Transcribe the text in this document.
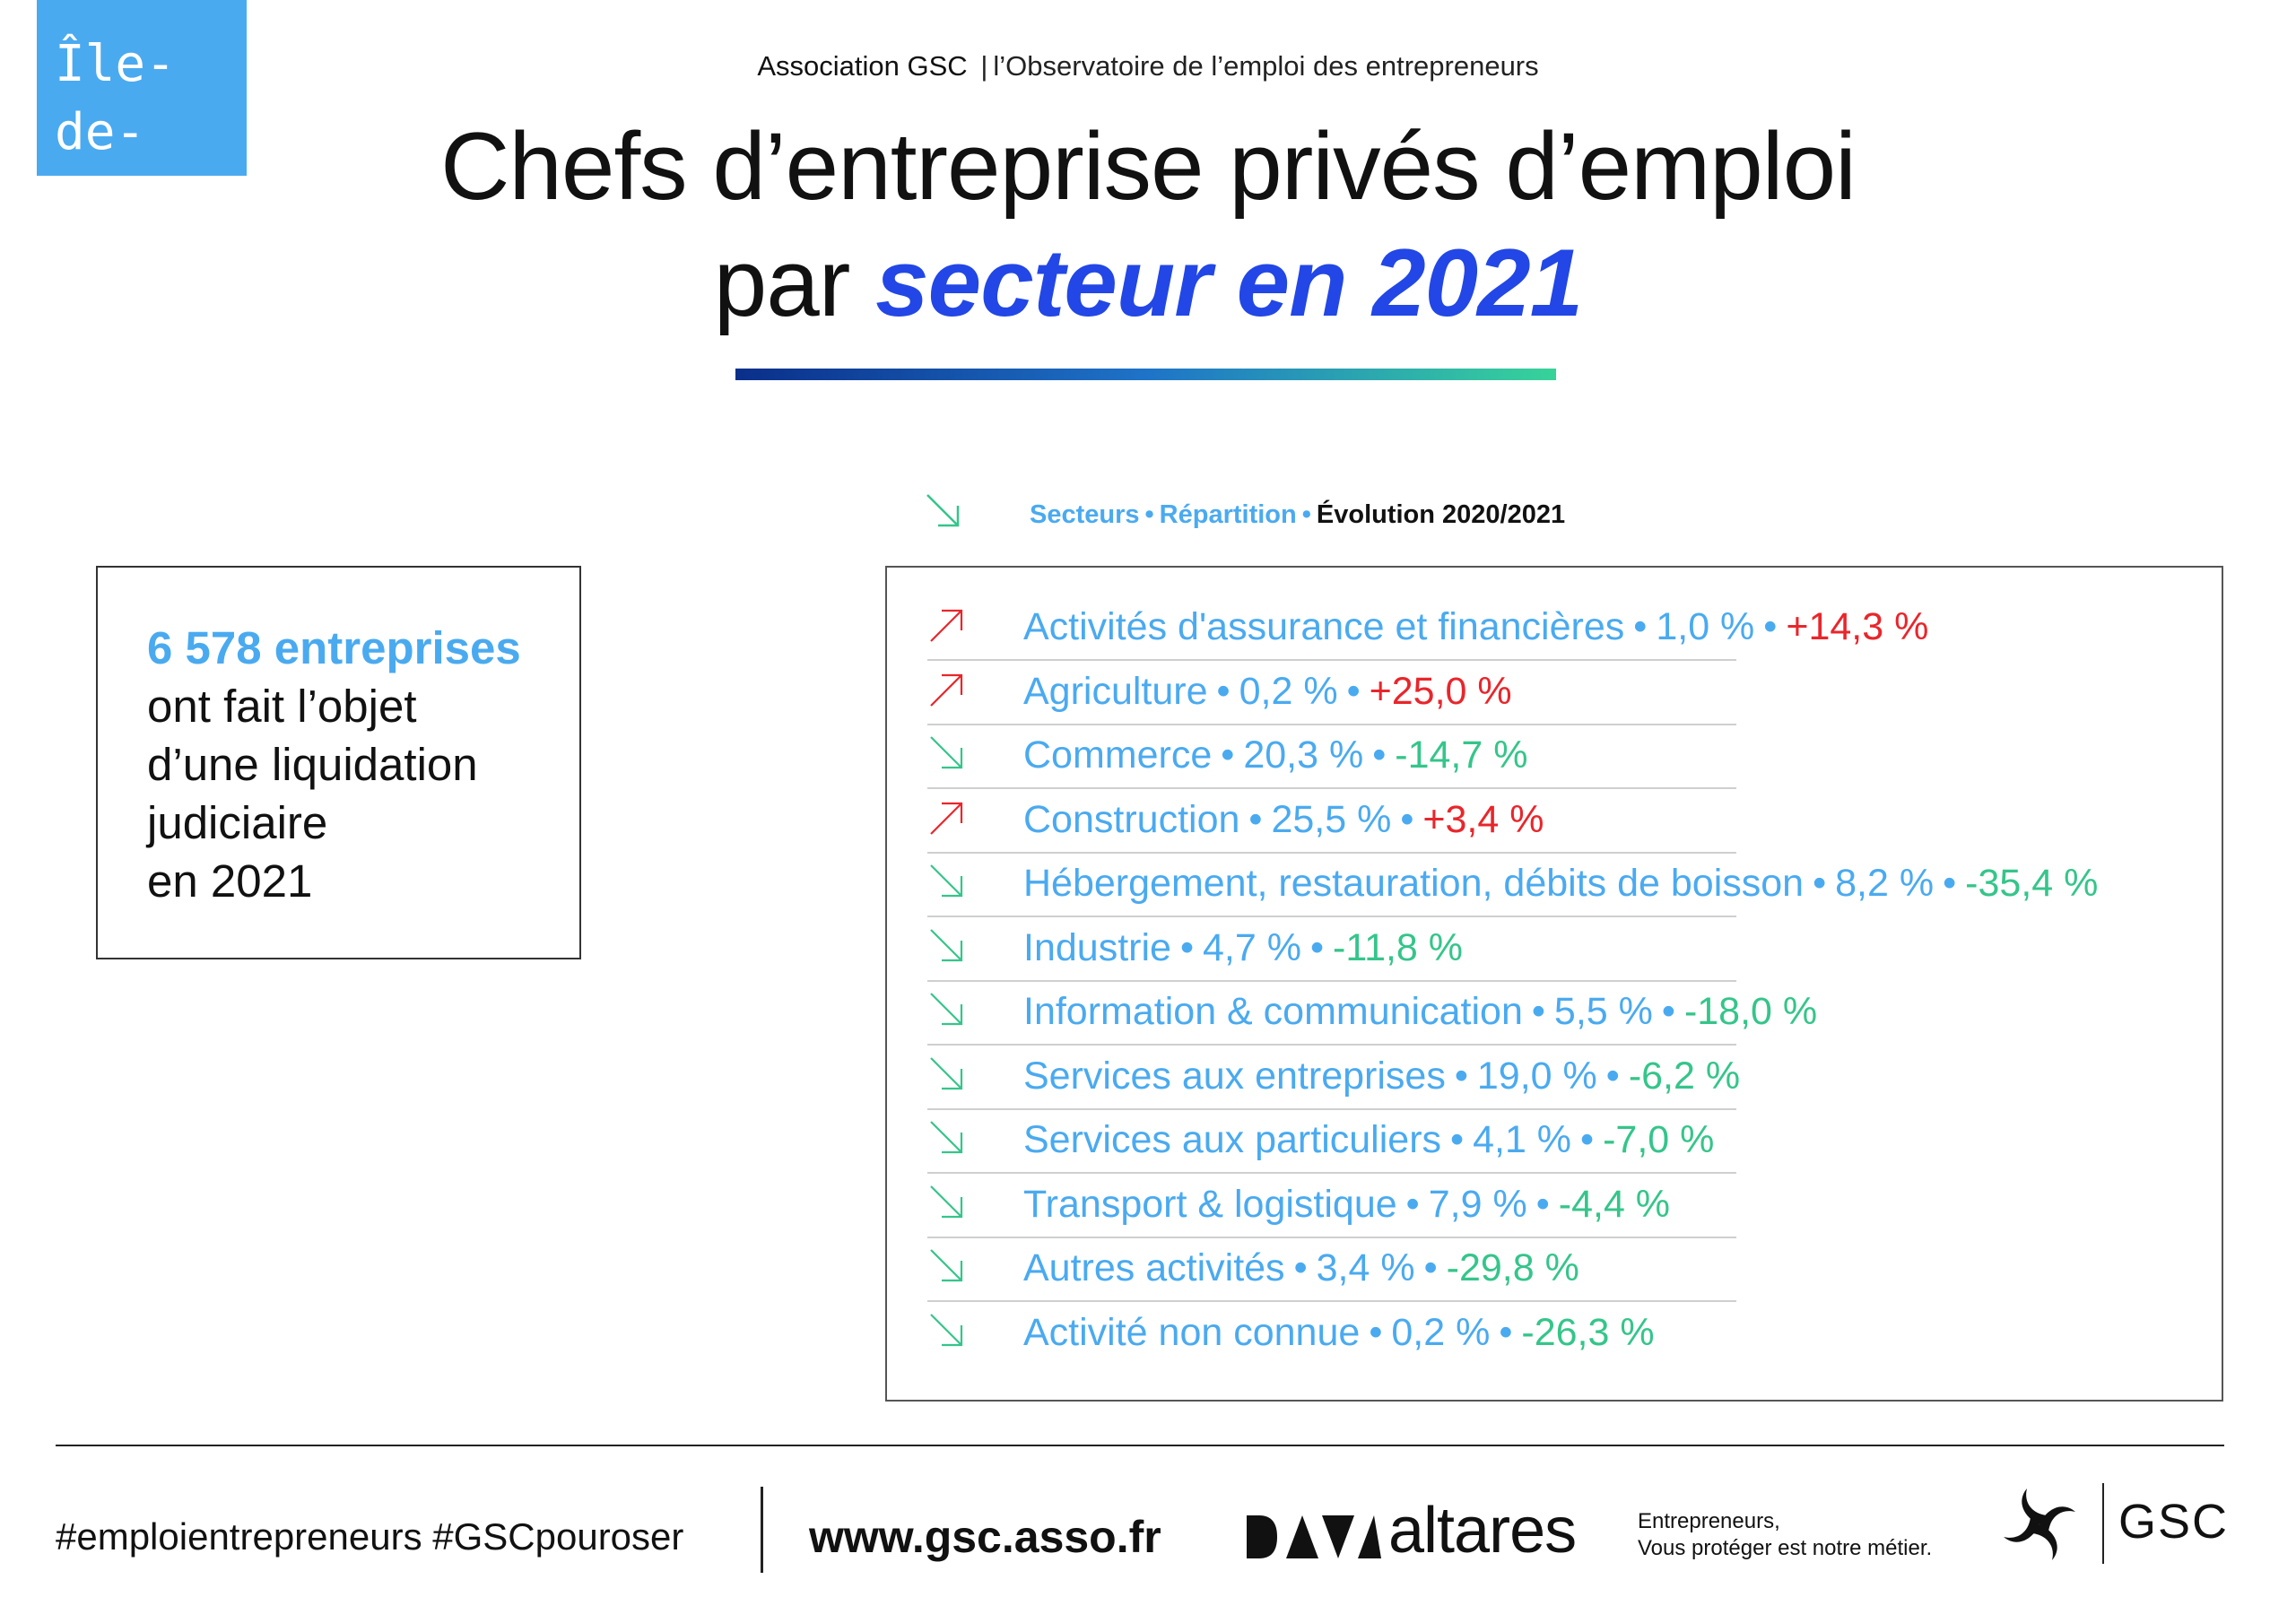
Île-de-
France
Association GSC | l’Observatoire de l’emploi des entrepreneurs
Chefs d’entreprise privés d’emploi
par secteur en 2021
Secteurs • Répartition • Évolution 2020/2021
6 578 entreprises
ont fait l’objet
d’une liquidation
judiciaire
en 2021
Activités d'assurance et financières • 1,0 % • +14,3 %
Agriculture • 0,2 % • +25,0 %
Commerce • 20,3 % • -14,7 %
Construction • 25,5 % • +3,4 %
Hébergement, restauration, débits de boisson • 8,2 % • -35,4 %
Industrie • 4,7 % • -11,8 %
Information & communication • 5,5 % • -18,0 %
Services aux entreprises • 19,0 % • -6,2 %
Services aux particuliers • 4,1 % • -7,0 %
Transport & logistique • 7,9 % • -4,4 %
Autres activités • 3,4 % • -29,8 %
Activité non connue • 0,2 % • -26,3 %
#emploientrepreneurs #GSCpouroser	www.gsc.asso.fr	altares	Entrepreneurs,
Vous protéger est notre métier.	GSC
